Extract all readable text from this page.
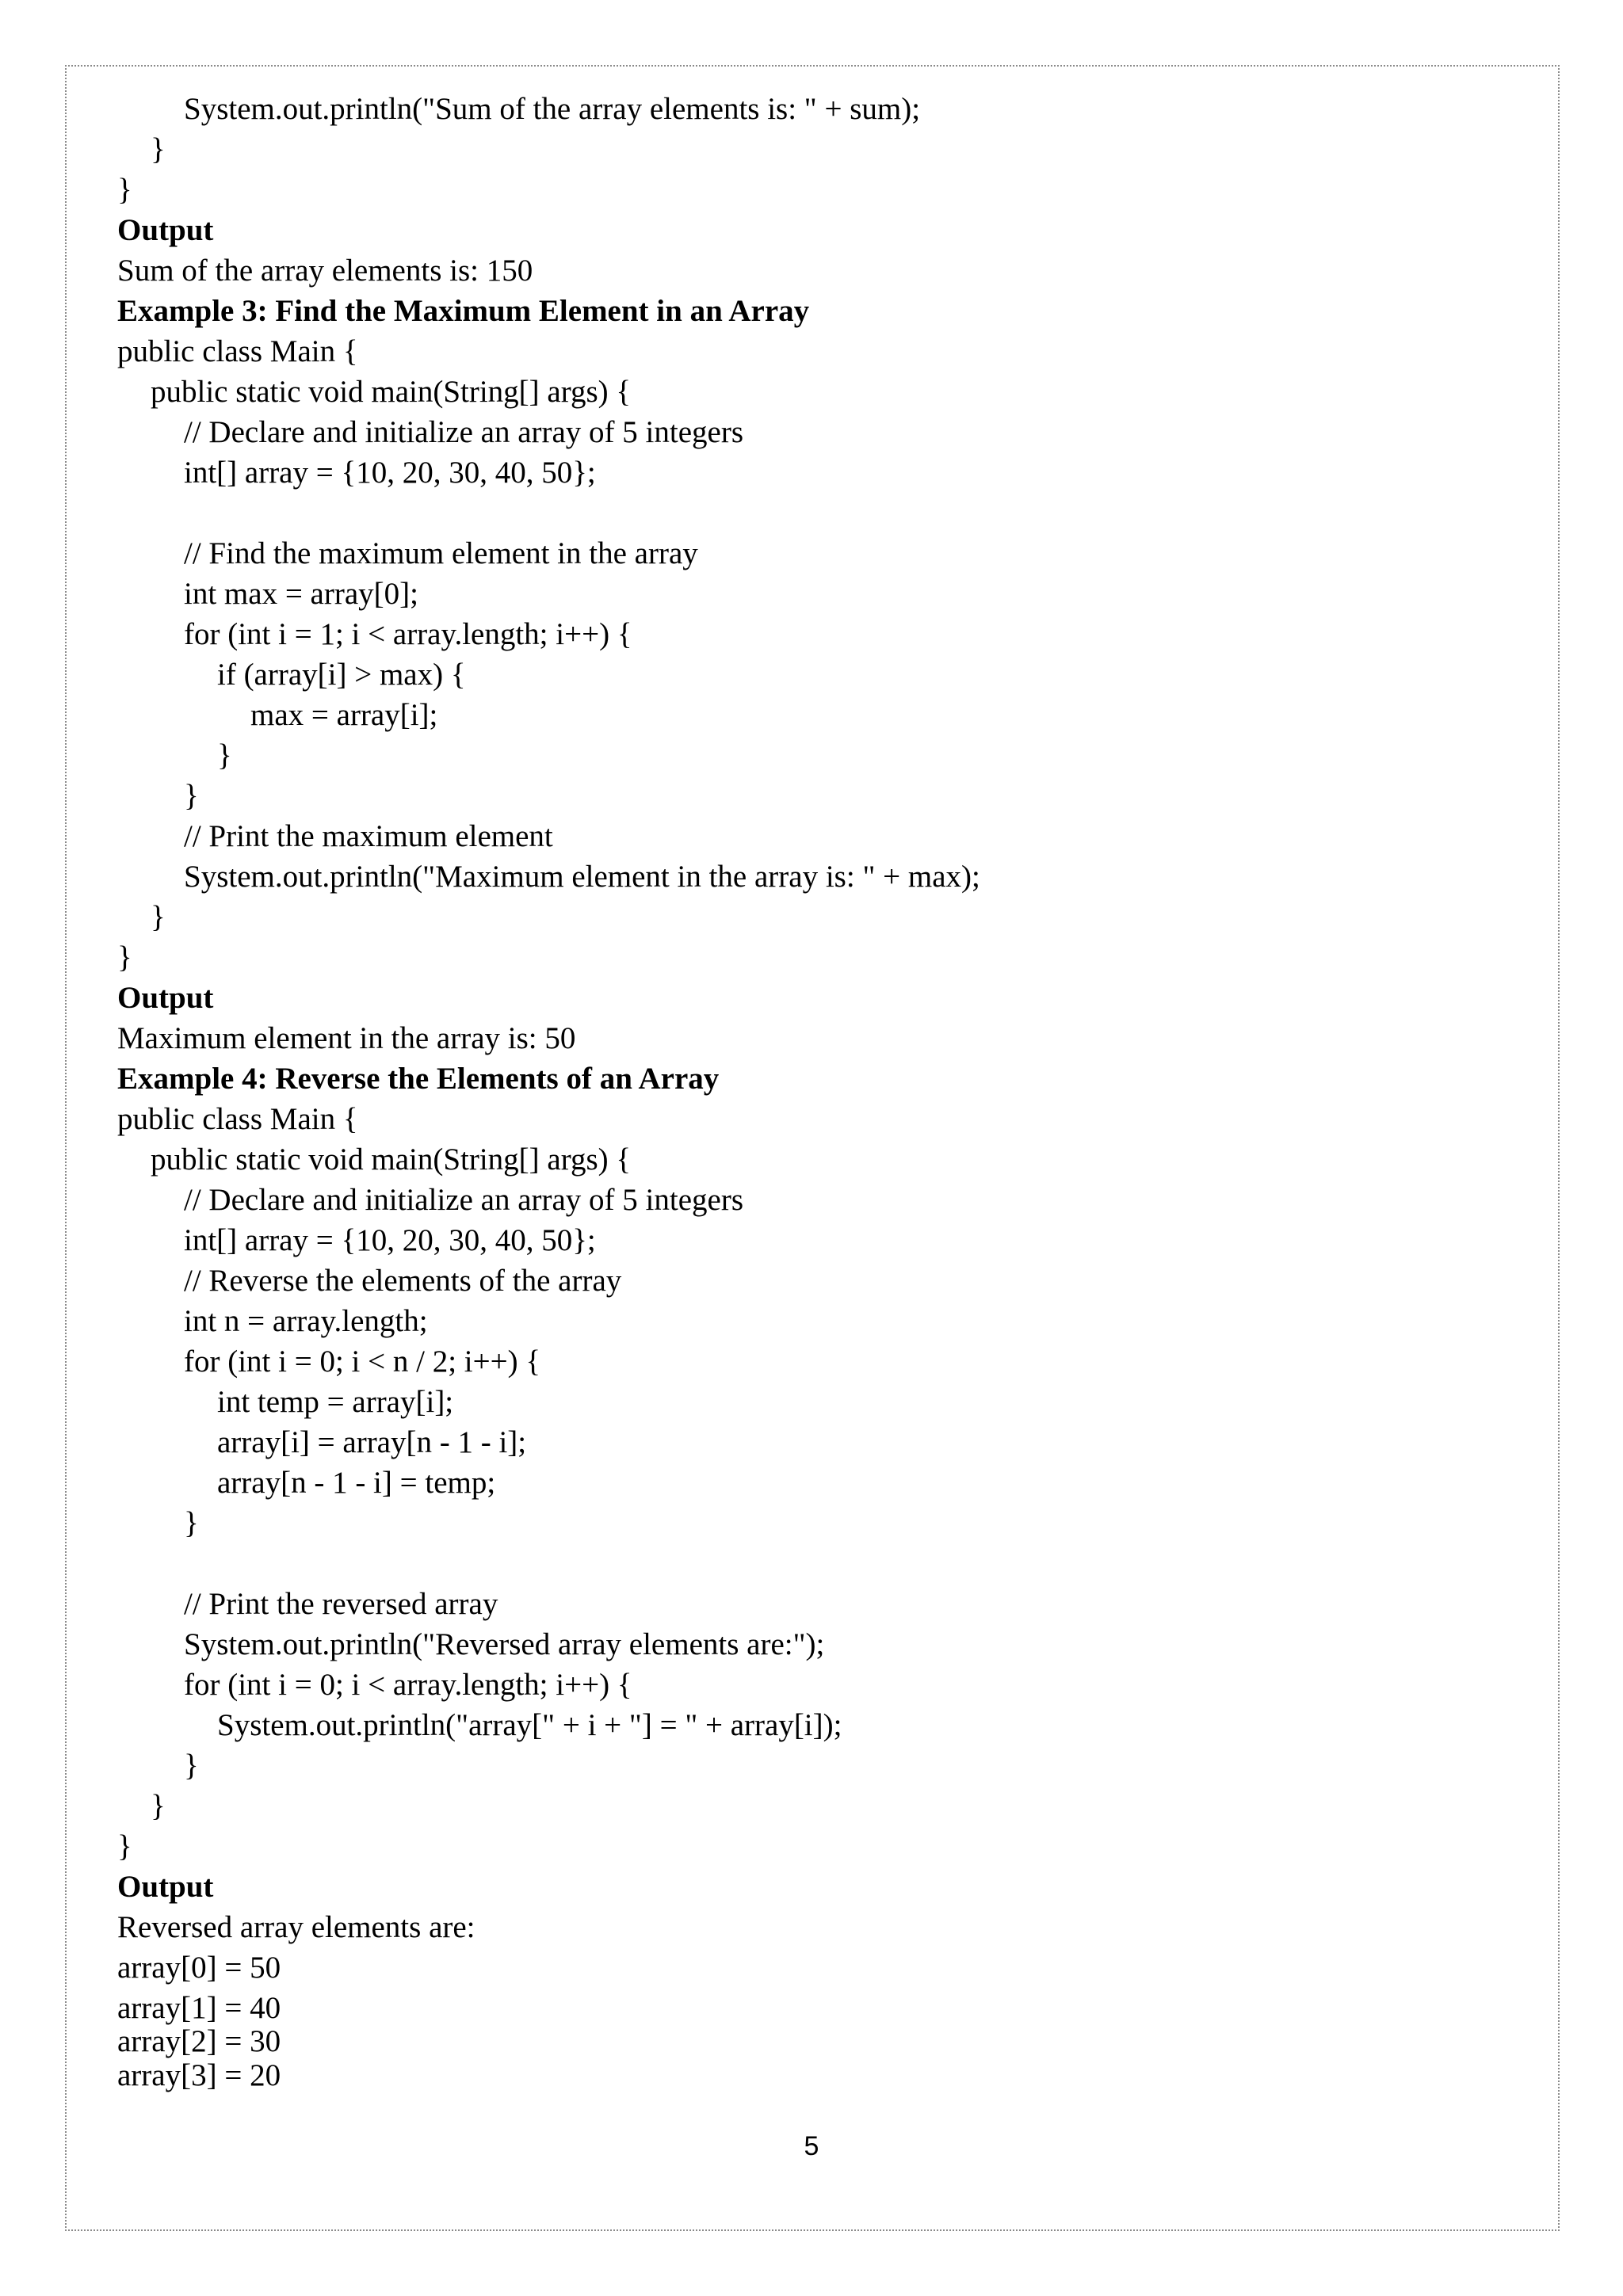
System.out.println("Sum of the array elements is: " + sum);
}
}
Output
Sum of the array elements is: 150
Example 3: Find the Maximum Element in an Array
public class Main {
public static void main(String[] args) {
// Declare and initialize an array of 5 integers
int[] array = {10, 20, 30, 40, 50};
// Find the maximum element in the array
int max = array[0];
for (int i = 1; i < array.length; i++) {
if (array[i] > max) {
max = array[i];
}
}
// Print the maximum element
System.out.println("Maximum element in the array is: " + max);
}
}
Output
Maximum element in the array is: 50
Example 4: Reverse the Elements of an Array
public class Main {
public static void main(String[] args) {
// Declare and initialize an array of 5 integers
int[] array = {10, 20, 30, 40, 50};
// Reverse the elements of the array
int n = array.length;
for (int i = 0; i < n / 2; i++) {
int temp = array[i];
array[i] = array[n - 1 - i];
array[n - 1 - i] = temp;
}
// Print the reversed array
System.out.println("Reversed array elements are:");
for (int i = 0; i < array.length; i++) {
System.out.println("array[" + i + "] = " + array[i]);
}
}
}
Output
Reversed array elements are:
array[0] = 50
array[1] = 40
array[2] = 30
array[3] = 20
5
